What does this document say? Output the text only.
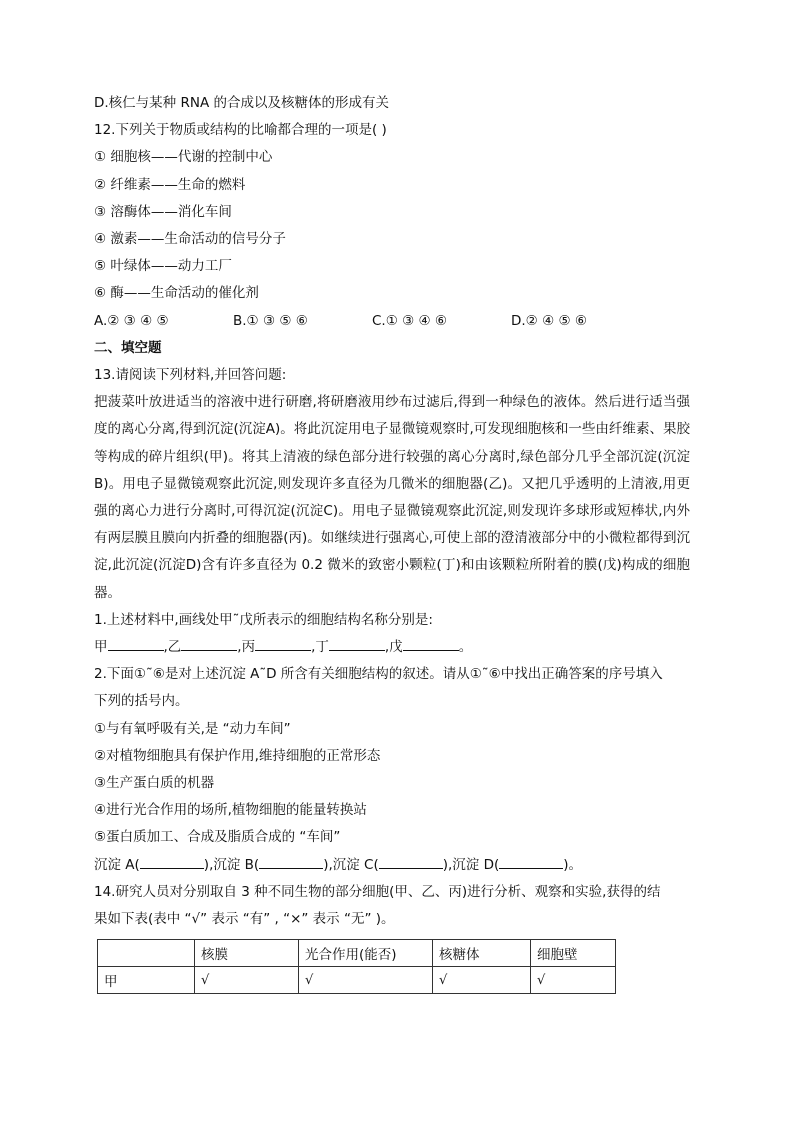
D.核仁与某种 RNA 的合成以及核糖体的形成有关
12.下列关于物质或结构的比喻都合理的一项是( )
① 细胞核——代谢的控制中心
② 纤维素——生命的燃料
③ 溶酶体——消化车间
④ 激素——生命活动的信号分子
⑤ 叶绿体——动力工厂
⑥ 酶——生命活动的催化剂
A.② ③ ④ ⑤	B.① ③ ⑤ ⑥	C.① ③ ④ ⑥	D.② ④ ⑤ ⑥
二、填空题
13.请阅读下列材料,并回答问题:
把菠菜叶放进适当的溶液中进行研磨,将研磨液用纱布过滤后,得到一种绿色的液体。然后进行适当强度的离心分离,得到沉淀(沉淀A)。将此沉淀用电子显微镜观察时,可发现细胞核和一些由纤维素、果胶等构成的碎片组织(甲)。将其上清液的绿色部分进行较强的离心分离时,绿色部分几乎全部沉淀(沉淀B)。用电子显微镜观察此沉淀,则发现许多直径为几微米的细胞器(乙)。又把几乎透明的上清液,用更强的离心力进行分离时,可得沉淀(沉淀C)。用电子显微镜观察此沉淀,则发现许多球形或短棒状,内外有两层膜且膜向内折叠的细胞器(丙)。如继续进行强离心,可使上部的澄清液部分中的小微粒都得到沉淀,此沉淀(沉淀D)含有许多直径为 0.2 微米的致密小颗粒(丁)和由该颗粒所附着的膜(戊)构成的细胞器。
1.上述材料中,画线处甲˜戊所表示的细胞结构名称分别是:
甲	,乙	,丙	,丁	,戊	。
2.下面①˜⑥是对上述沉淀 A˜D 所含有关细胞结构的叙述。请从①˜⑥中找出正确答案的序号填入
下列的括号内。
①与有氧呼吸有关,是 “动力车间”
②对植物细胞具有保护作用,维持细胞的正常形态
③生产蛋白质的机器
④进行光合作用的场所,植物细胞的能量转换站
⑤蛋白质加工、合成及脂质合成的 “车间”
沉淀 A(	),沉淀 B(	),沉淀 C(	),沉淀 D(	)。
14.研究人员对分别取自 3 种不同生物的部分细胞(甲、乙、丙)进行分析、观察和实验,获得的结
果如下表(表中 “√” 表示 “有” , “×” 表示 “无” )。
	核膜	光合作用(能否)	核糖体	细胞壁
甲	√	√	√	√
